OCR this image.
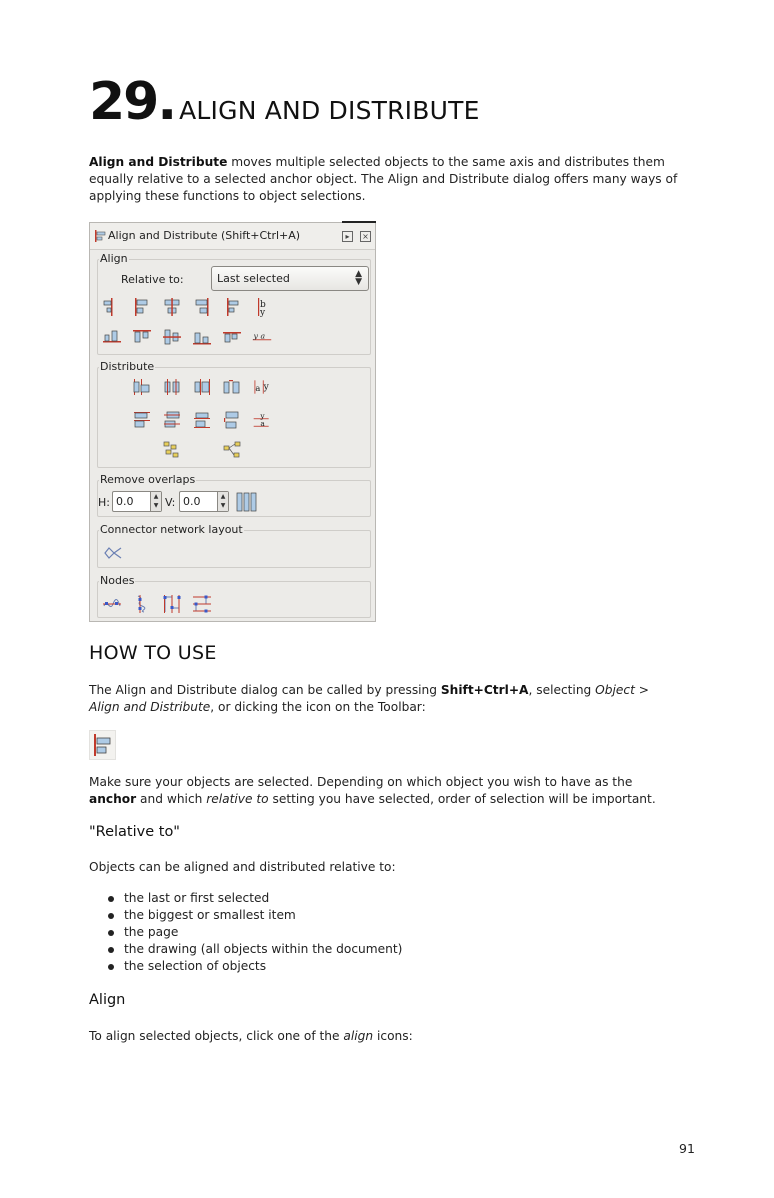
29. ALIGN AND DISTRIBUTE

Align and Distribute moves multiple selected objects to the same axis and distributes them equally relative to a selected anchor object. The Align and Distribute dialog offers many ways of applying these functions to object selections.

Align and Distribute (Shift+Ctrl+A)	▸	×
Align
Relative to:	Last selected	▲
▼
b
y
y a
Distribute
a y
y
a
Remove overlaps
H: 0.0	▲
▼ V: 0.0	▲
▼
Connector network layout
Nodes
HOW TO USE

The Align and Distribute dialog can be called by pressing Shift+Ctrl+A, selecting Object > Align and Distribute, or dicking the icon on the Toolbar:

Make sure your objects are selected. Depending on which object you wish to have as the anchor and which relative to setting you have selected, order of selection will be important.

"Relative to"

Objects can be aligned and distributed relative to:

the last or first selected
the biggest or smallest item
the page
the drawing (all objects within the document)
the selection of objects
Align

To align selected objects, click one of the align icons:

91
